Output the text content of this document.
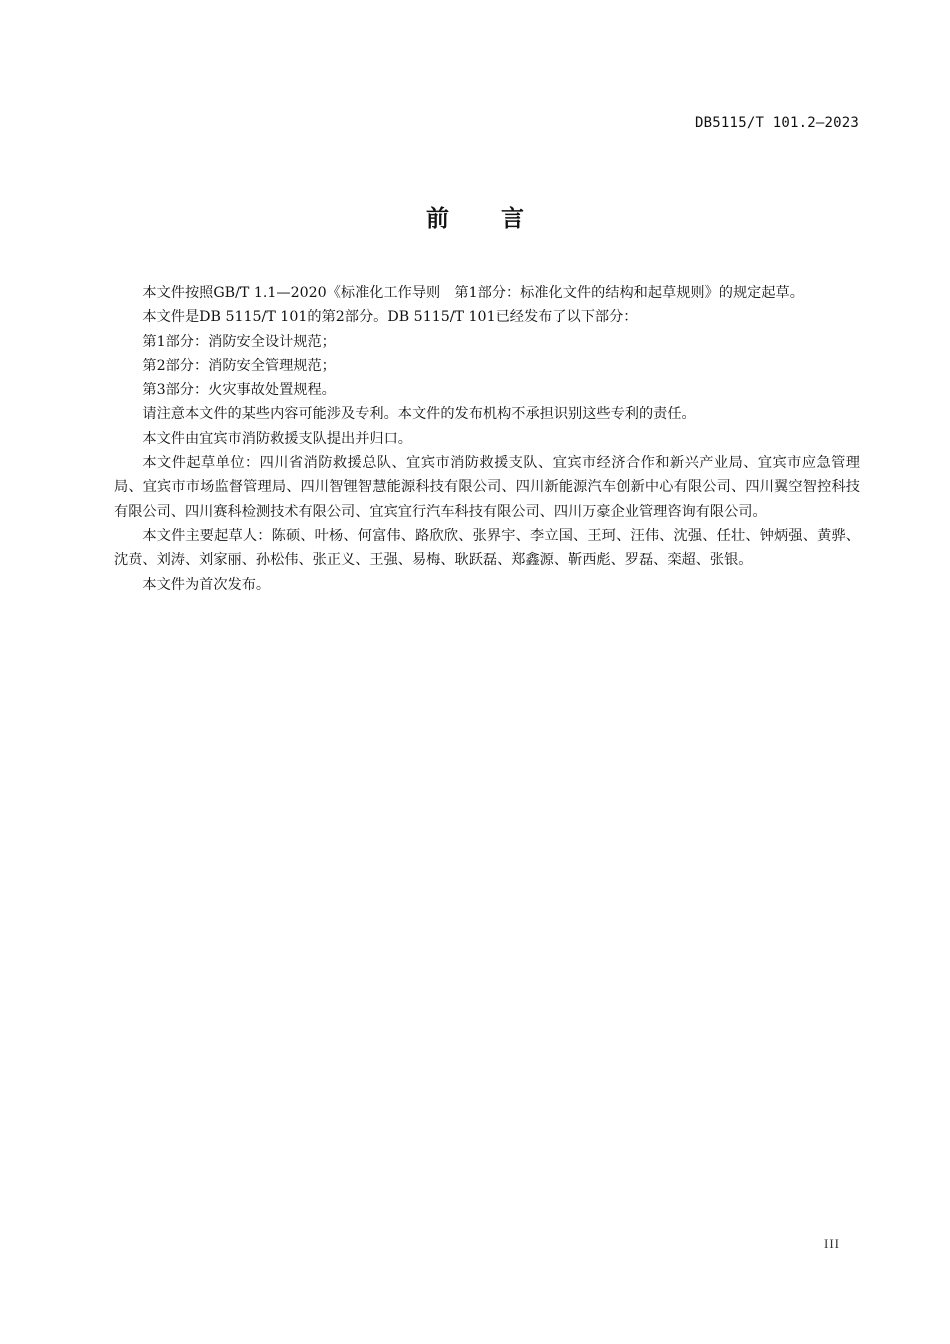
DB5115/T 101.2—2023
前 言

本文件按照GB/T 1.1—2020《标准化工作导则　第1部分：标准化文件的结构和起草规则》的规定起草。

本文件是DB 5115/T 101的第2部分。DB 5115/T 101已经发布了以下部分：

第1部分：消防安全设计规范；

第2部分：消防安全管理规范；

第3部分：火灾事故处置规程。

请注意本文件的某些内容可能涉及专利。本文件的发布机构不承担识别这些专利的责任。

本文件由宜宾市消防救援支队提出并归口。

本文件起草单位：四川省消防救援总队、宜宾市消防救援支队、宜宾市经济合作和新兴产业局、宜宾市应急管理局、宜宾市市场监督管理局、四川智锂智慧能源科技有限公司、四川新能源汽车创新中心有限公司、四川翼空智控科技有限公司、四川赛科检测技术有限公司、宜宾宜行汽车科技有限公司、四川万豪企业管理咨询有限公司。

本文件主要起草人：陈硕、叶杨、何富伟、路欣欣、张界宇、李立国、王珂、汪伟、沈强、任壮、钟炳强、黄骅、沈贲、刘涛、刘家丽、孙松伟、张正义、王强、易梅、耿跃磊、郑鑫源、靳西彪、罗磊、栾超、张银。

本文件为首次发布。

III
